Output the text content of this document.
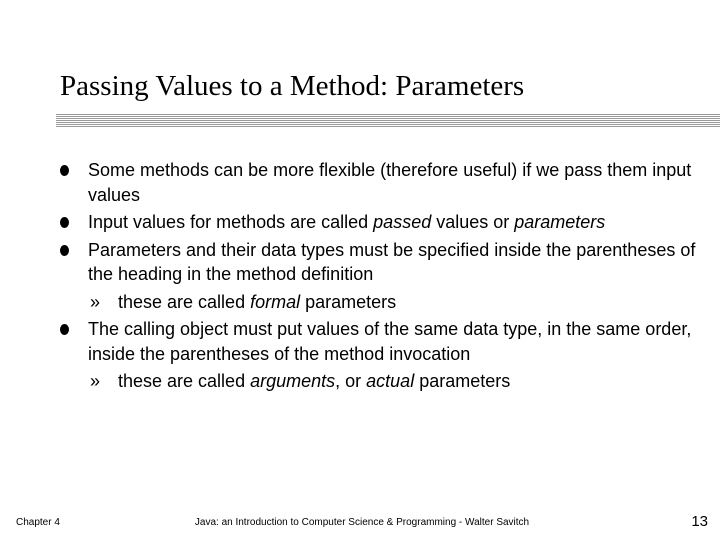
Passing Values to a Method: Parameters
Some methods can be more flexible (therefore useful) if we pass them input values
Input values for methods are called passed values or parameters
Parameters and their data types must be specified inside the parentheses of the heading in the method definition
» these are called formal parameters
The calling object must put values of the same data type, in the same order, inside the parentheses of the method invocation
» these are called arguments, or actual parameters
Chapter 4	Java: an Introduction to Computer Science & Programming - Walter Savitch	13
